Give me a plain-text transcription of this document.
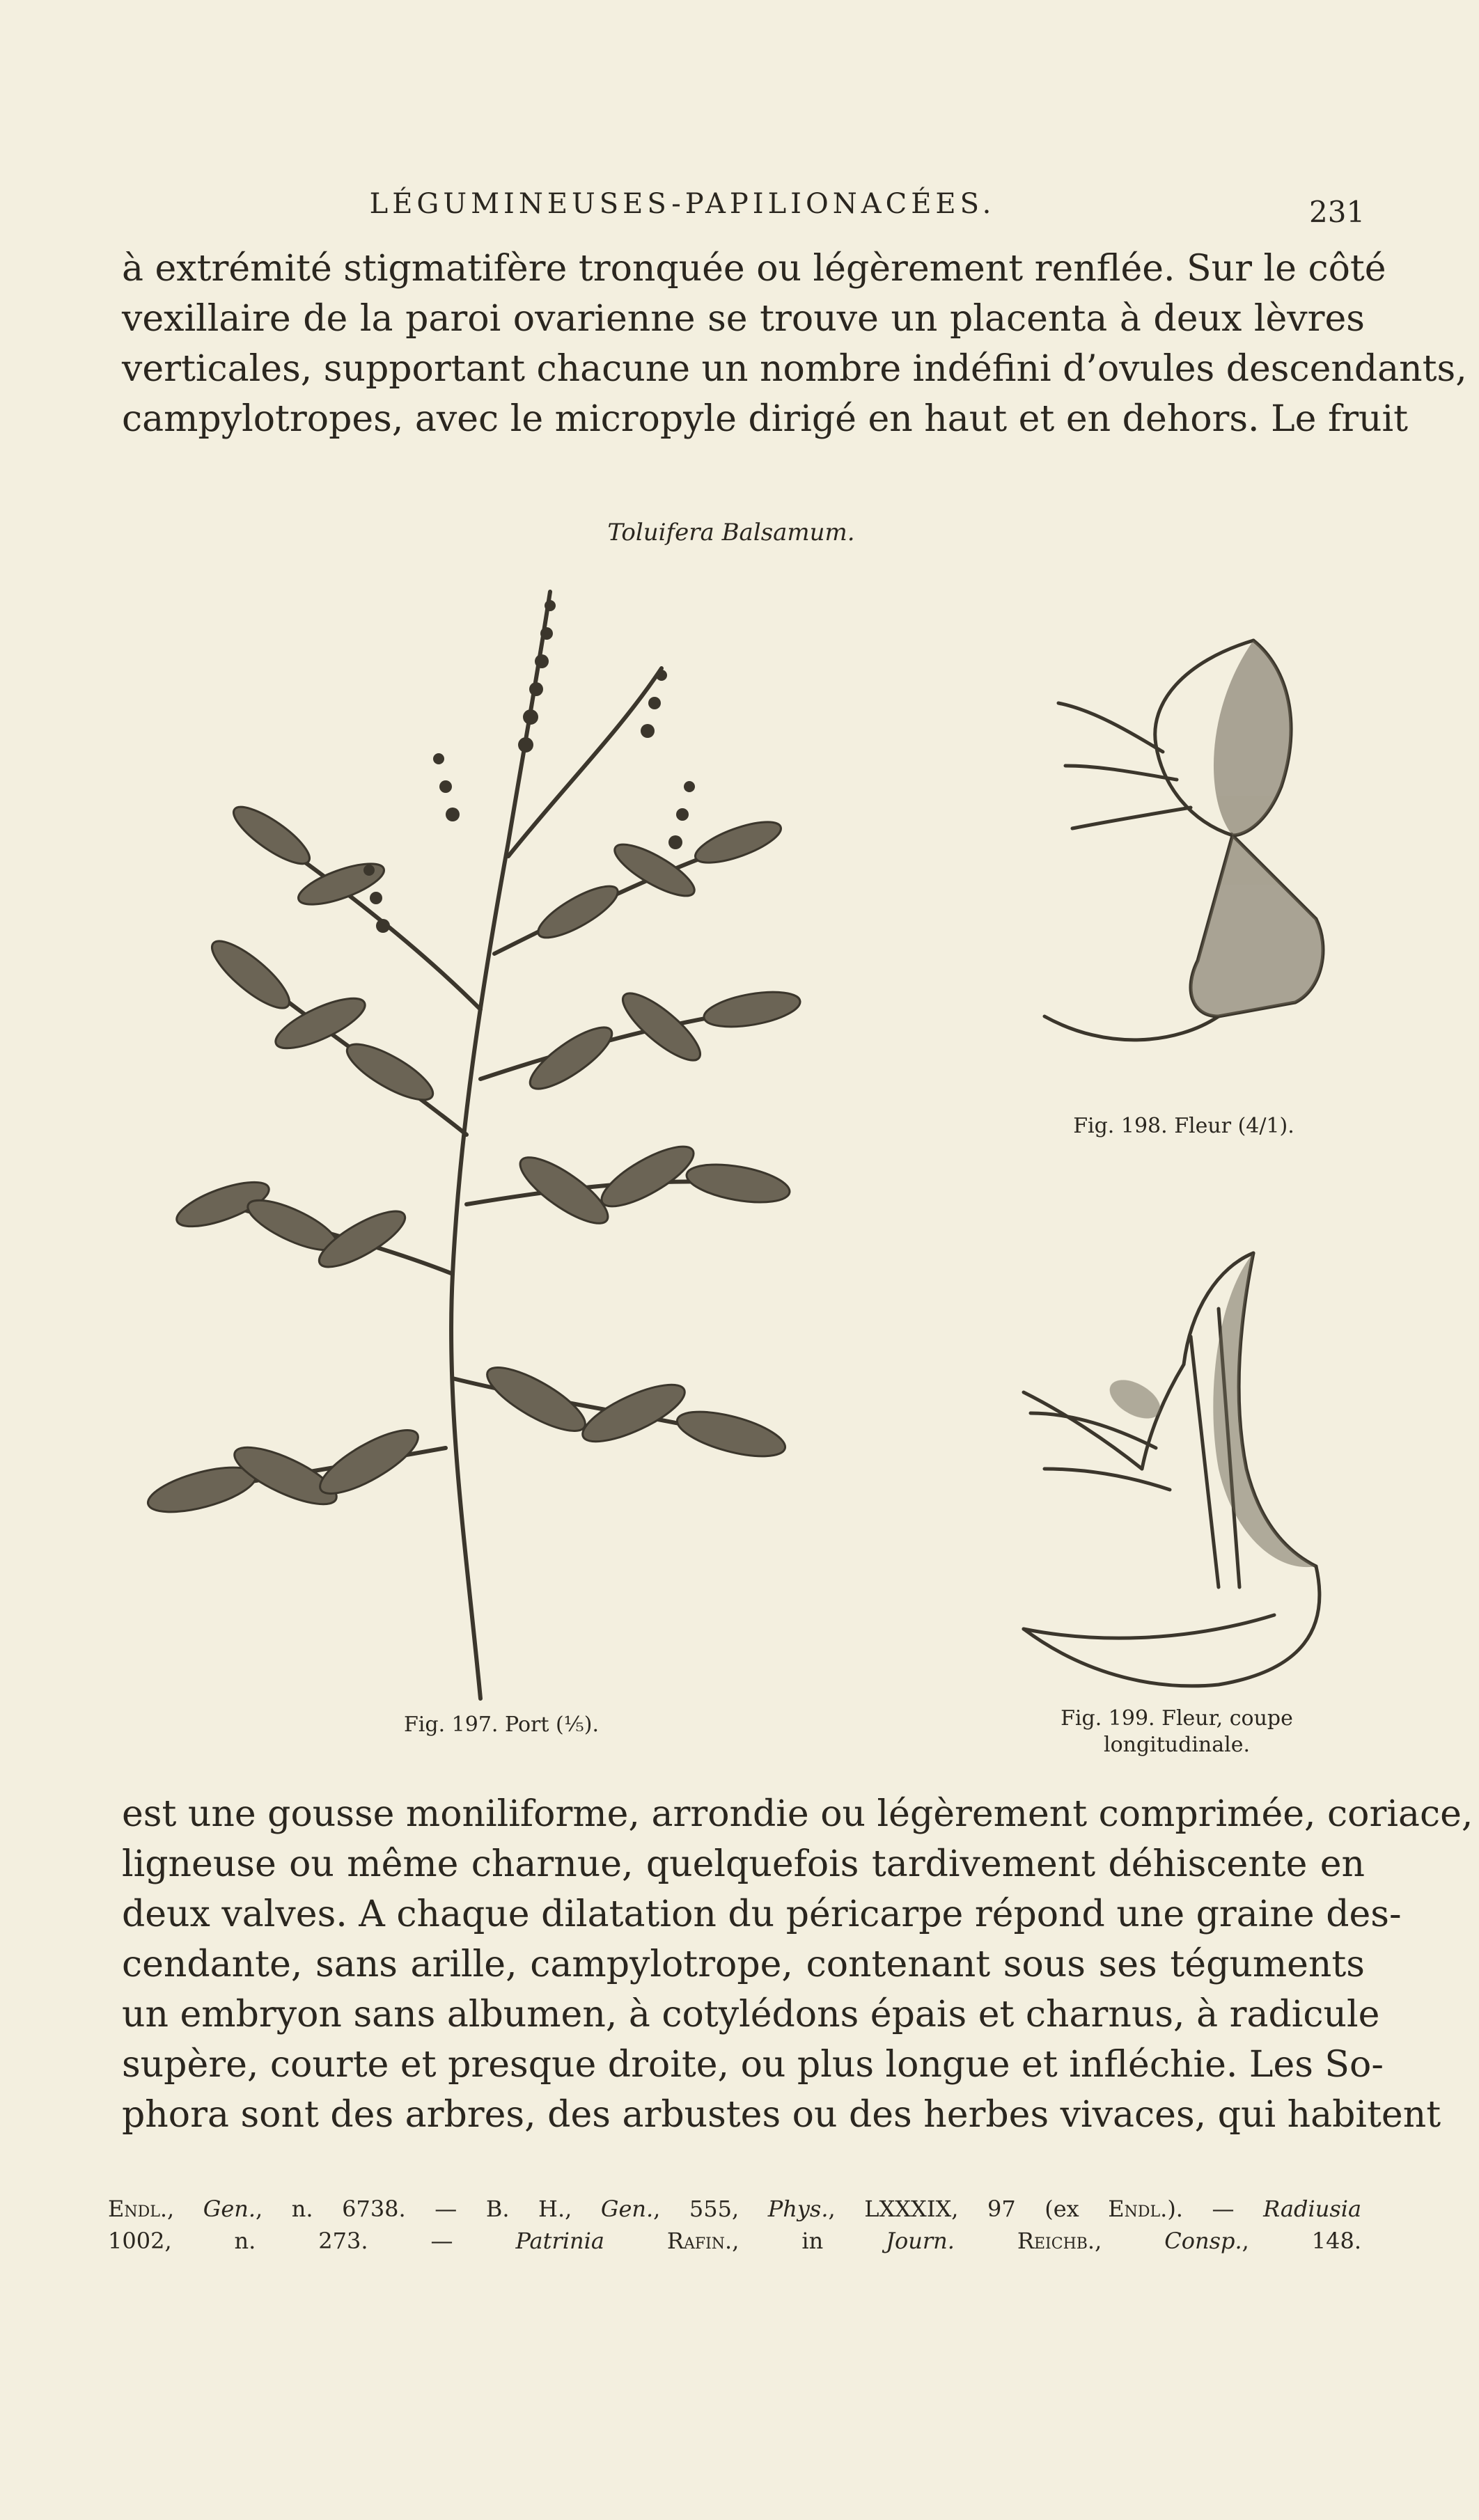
LÉGUMINEUSES-PAPILIONACÉES.	231
à extrémité stigmatifère tronquée ou légèrement renflée. Sur le côté
vexillaire de la paroi ovarienne se trouve un placenta à deux lèvres
verticales, supportant chacune un nombre indéfini d’ovules descendants,
campylotropes, avec le micropyle dirigé en haut et en dehors. Le fruit
Toluifera Balsamum.
Fig. 197. Port (⅕).
Fig. 198. Fleur (4/1).
Fig. 199. Fleur, coupe
longitudinale.
est une gousse moniliforme, arrondie ou légèrement comprimée, coriace,
ligneuse ou même charnue, quelquefois tardivement déhiscente en
deux valves. A chaque dilatation du péricarpe répond une graine des-
cendante, sans arille, campylotrope, contenant sous ses téguments
un embryon sans albumen, à cotylédons épais et charnus, à radicule
supère, courte et presque droite, ou plus longue et infléchie. Les So-
phora sont des arbres, des arbustes ou des herbes vivaces, qui habitent
Endl., Gen., n. 6738. — B. H., Gen., 555, Phys., LXXXIX, 97 (ex Endl.). — Radiusia
1002, n. 273. — Patrinia Rafin., in Journ.	Reichb., Consp., 148.
